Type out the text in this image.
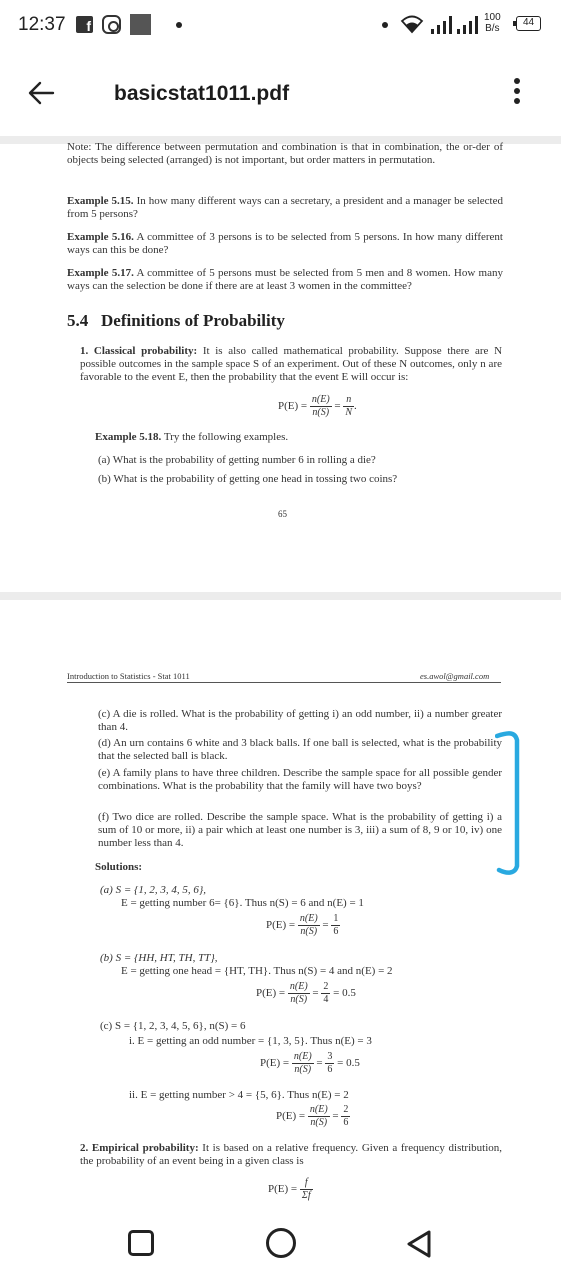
12:37	f
100
B/s
44
basicstat1011.pdf

Note: The difference between permutation and combination is that in combination, the or-der of objects being selected (arranged) is not important, but order matters in permutation.

Example 5.15. In how many different ways can a secretary, a president and a manager be selected from 5 persons?

Example 5.16. A committee of 3 persons is to be selected from 5 persons. In how many different ways can this be done?

Example 5.17. A committee of 5 persons must be selected from 5 men and 8 women. How many ways can the selection be done if there are at least 3 women in the committee?

5.4 Definitions of Probability

1. Classical probability: It is also called mathematical probability. Suppose there are N possible outcomes in the sample space S of an experiment. Out of these N outcomes, only n are favorable to the event E, then the probability that the event E will occur is:

$P(E) = \frac{n(E)}{n(S)} = \frac{n}{N}$ .

Example 5.18. Try the following examples.

(a) What is the probability of getting number 6 in rolling a die?

(b) What is the probability of getting one head in tossing two coins?

65
Introduction to Statistics - Stat 1011	es.awol@gmail.com

(c) A die is rolled. What is the probability of getting i) an odd number, ii) a number greater than 4.

(d) An urn contains 6 white and 3 black balls. If one ball is selected, what is the probability that the selected ball is black.

(e) A family plans to have three children. Describe the sample space for all possible gender combinations. What is the probability that the family will have two boys?

(f) Two dice are rolled. Describe the sample space. What is the probability of getting i) a sum of 10 or more, ii) a pair which at least one number is 3, iii) a sum of 8, 9 or 10, iv) one number less than 4.

Solutions:

(a) S = {1, 2, 3, 4, 5, 6},

E = getting number 6= {6}. Thus n(S) = 6 and n(E) = 1

$P(E) = \frac{n(E)}{n(S)} = \frac{1}{6}$

(b) S = {HH, HT, TH, TT},

E = getting one head = {HT, TH}. Thus n(S) = 4 and n(E) = 2

$P(E) = \frac{n(E)}{n(S)} = \frac{2}{4} = 0.5$

(c) S = {1, 2, 3, 4, 5, 6}, n(S) = 6

i. E = getting an odd number = {1, 3, 5}. Thus n(E) = 3

$P(E) = \frac{n(E)}{n(S)} = \frac{3}{6} = 0.5$

ii. E = getting number > 4 = {5, 6}. Thus n(E) = 2

$P(E) = \frac{n(E)}{n(S)} = \frac{2}{6}$

2. Empirical probability: It is based on a relative frequency. Given a frequency distribution, the probability of an event being in a given class is

$P(E) = \frac{f}{\Sigma f}$
